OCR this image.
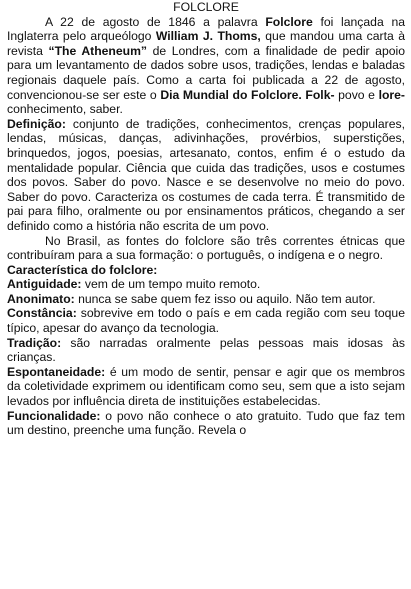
FOLCLORE

A 22 de agosto de 1846 a palavra Folclore foi lançada na Inglaterra pelo arqueólogo William J. Thoms, que mandou uma carta à revista “The Atheneum” de Londres, com a finalidade de pedir apoio para um levantamento de dados sobre usos, tradições, lendas e baladas regionais daquele país. Como a carta foi publicada a 22 de agosto, convencionou-se ser este o Dia Mundial do Folclore. Folk- povo e lore- conhecimento, saber.

Definição: conjunto de tradições, conhecimentos, crenças populares, lendas, músicas, danças, adivinhações, provérbios, superstições, brinquedos, jogos, poesias, artesanato, contos, enfim é o estudo da mentalidade popular. Ciência que cuida das tradições, usos e costumes dos povos. Saber do povo. Nasce e se desenvolve no meio do povo. Saber do povo. Caracteriza os costumes de cada terra. É transmitido de pai para filho, oralmente ou por ensinamentos práticos, chegando a ser definido como a história não escrita de um povo.

No Brasil, as fontes do folclore são três correntes étnicas que contribuíram para a sua formação: o português, o indígena e o negro.

Característica do folclore:

Antiguidade: vem de um tempo muito remoto.

Anonimato: nunca se sabe quem fez isso ou aquilo. Não tem autor.

Constância: sobrevive em todo o país e em cada região com seu toque típico, apesar do avanço da tecnologia.

Tradição: são narradas oralmente pelas pessoas mais idosas às crianças.

Espontaneidade: é um modo de sentir, pensar e agir que os membros da coletividade exprimem ou identificam como seu, sem que a isto sejam levados por influência direta de instituições estabelecidas.

Funcionalidade: o povo não conhece o ato gratuito. Tudo que faz tem um destino, preenche uma função. Revela o
